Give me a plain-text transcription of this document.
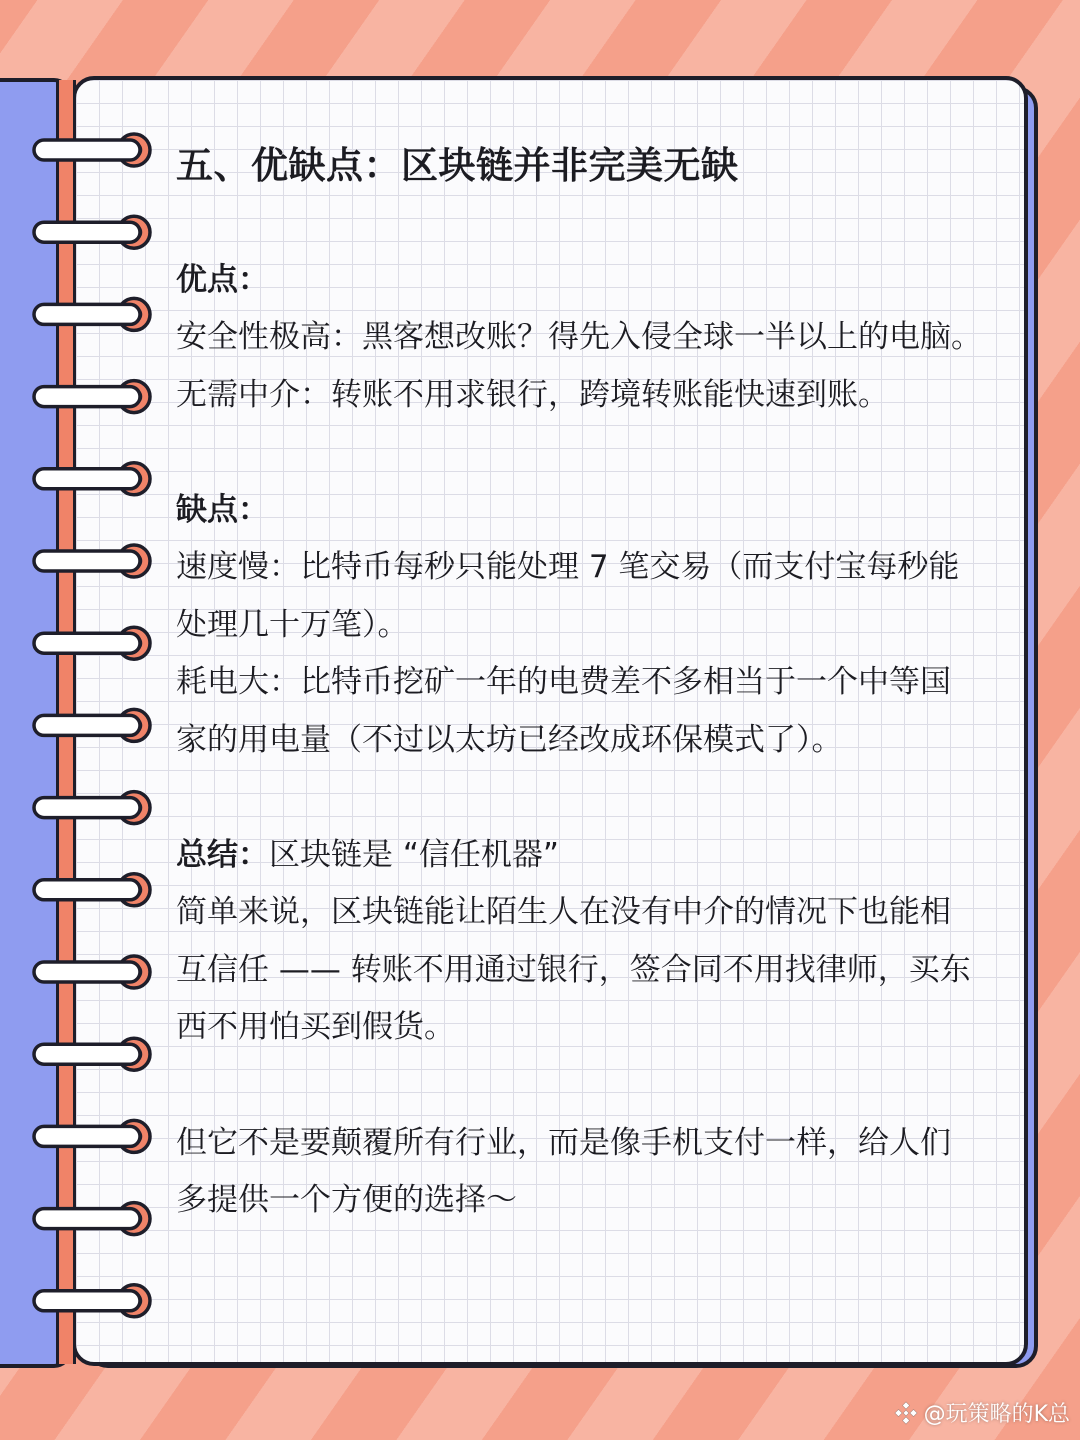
五、优缺点：区块链并非完美无缺

优点：

安全性极高：黑客想改账？得先入侵全球一半以上的电脑。

无需中介：转账不用求银行，跨境转账能快速到账。

缺点：

速度慢：比特币每秒只能处理 7 笔交易（而支付宝每秒能

处理几十万笔）。

耗电大：比特币挖矿一年的电费差不多相当于一个中等国

家的用电量（不过以太坊已经改成环保模式了）。

总结：区块链是 “信任机器”

简单来说，区块链能让陌生人在没有中介的情况下也能相

互信任 —— 转账不用通过银行，签合同不用找律师，买东

西不用怕买到假货。

但它不是要颠覆所有行业，而是像手机支付一样，给人们

多提供一个方便的选择～

@玩策略的K总
